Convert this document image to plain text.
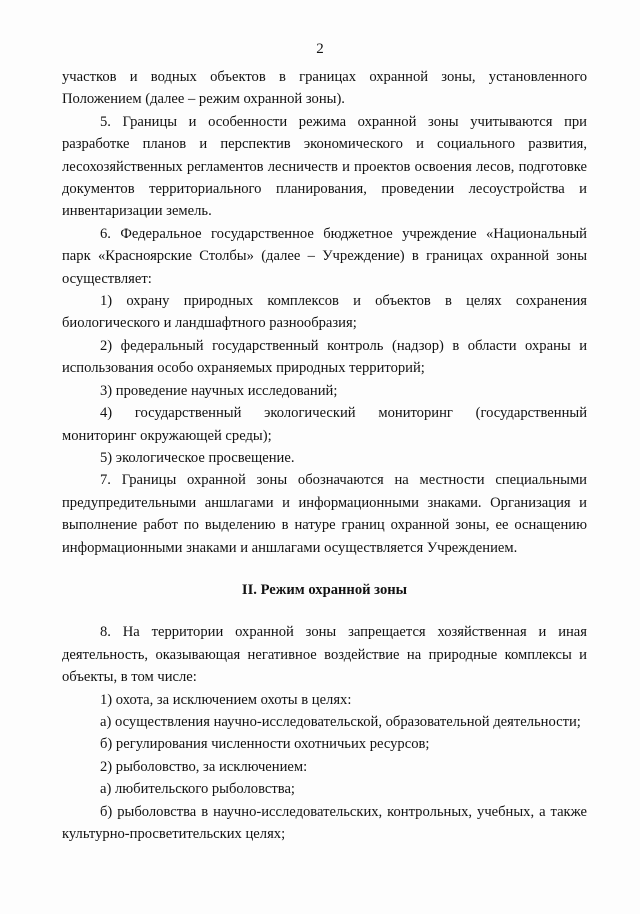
2

участков и водных объектов в границах охранной зоны, установленного Положением (далее – режим охранной зоны).

5. Границы и особенности режима охранной зоны учитываются при разработке планов и перспектив экономического и социального развития, лесохозяйственных регламентов лесничеств и проектов освоения лесов, подготовке документов территориального планирования, проведении лесоустройства и инвентаризации земель.

6. Федеральное государственное бюджетное учреждение «Национальный парк «Красноярские Столбы» (далее – Учреждение) в границах охранной зоны осуществляет:

1) охрану природных комплексов и объектов в целях сохранения биологического и ландшафтного разнообразия;

2) федеральный государственный контроль (надзор) в области охраны и использования особо охраняемых природных территорий;

3) проведение научных исследований;

4) государственный экологический мониторинг (государственный мониторинг окружающей среды);

5) экологическое просвещение.

7. Границы охранной зоны обозначаются на местности специальными предупредительными аншлагами и информационными знаками. Организация и выполнение работ по выделению в натуре границ охранной зоны, ее оснащению информационными знаками и аншлагами осуществляется Учреждением.

II. Режим охранной зоны

8. На территории охранной зоны запрещается хозяйственная и иная деятельность, оказывающая негативное воздействие на природные комплексы и объекты, в том числе:

1) охота, за исключением охоты в целях:

а) осуществления научно-исследовательской, образовательной деятельности;

б) регулирования численности охотничьих ресурсов;

2) рыболовство, за исключением:

а) любительского рыболовства;

б) рыболовства в научно-исследовательских, контрольных, учебных, а также культурно-просветительских целях;
